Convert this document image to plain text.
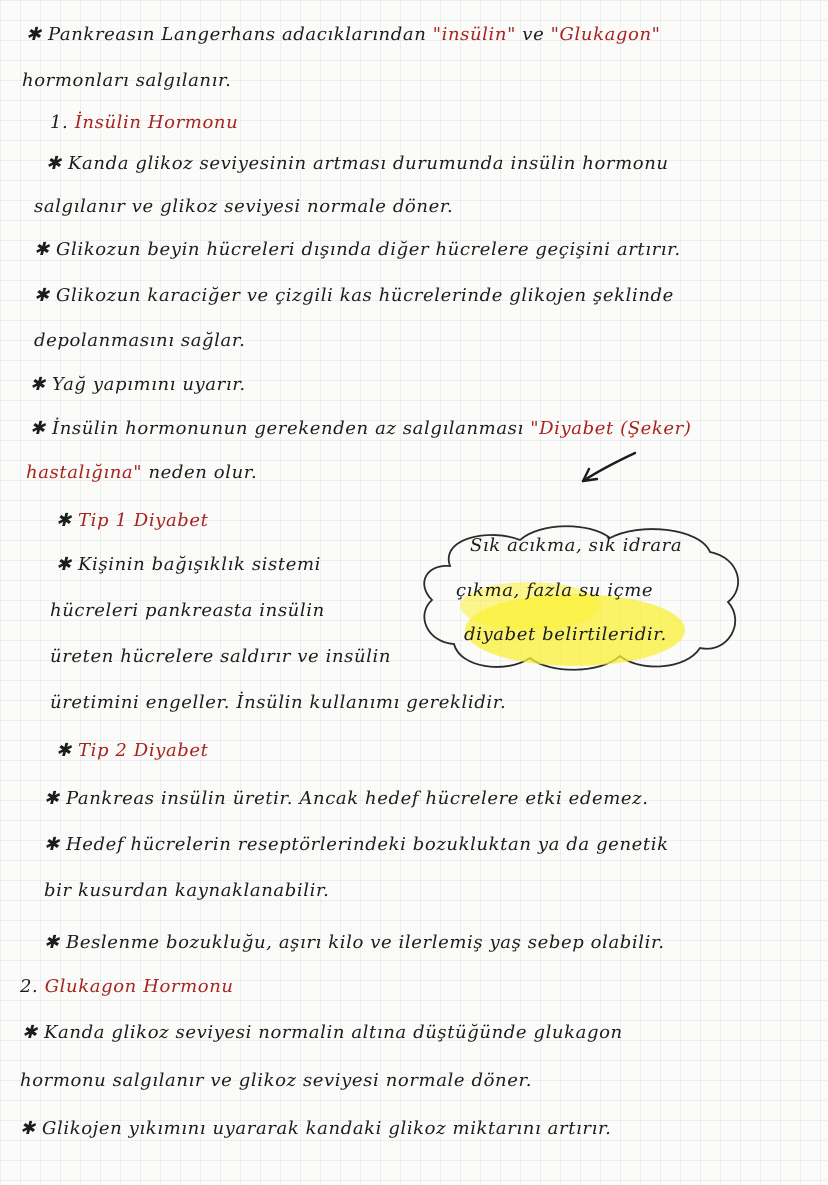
✱ Pankreasın Langerhans adacıklarından "insülin" ve "Glukagon"
hormonları salgılanır.
1. İnsülin Hormonu
✱ Kanda glikoz seviyesinin artması durumunda insülin hormonu
salgılanır ve glikoz seviyesi normale döner.
✱ Glikozun beyin hücreleri dışında diğer hücrelere geçişini artırır.
✱ Glikozun karaciğer ve çizgili kas hücrelerinde glikojen şeklinde
depolanmasını sağlar.
✱ Yağ yapımını uyarır.
✱ İnsülin hormonunun gerekenden az salgılanması "Diyabet (Şeker)
hastalığına" neden olur.
✱ Tip 1 Diyabet
✱ Kişinin bağışıklık sistemi
hücreleri pankreasta insülin
üreten hücrelere saldırır ve insülin
üretimini engeller. İnsülin kullanımı gereklidir.
Sık acıkma, sık idrara
çıkma, fazla su içme
diyabet belirtileridir.
✱ Tip 2 Diyabet
✱ Pankreas insülin üretir. Ancak hedef hücrelere etki edemez.
✱ Hedef hücrelerin reseptörlerindeki bozukluktan ya da genetik
bir kusurdan kaynaklanabilir.
✱ Beslenme bozukluğu, aşırı kilo ve ilerlemiş yaş sebep olabilir.
2. Glukagon Hormonu
✱ Kanda glikoz seviyesi normalin altına düştüğünde glukagon
hormonu salgılanır ve glikoz seviyesi normale döner.
✱ Glikojen yıkımını uyararak kandaki glikoz miktarını artırır.
